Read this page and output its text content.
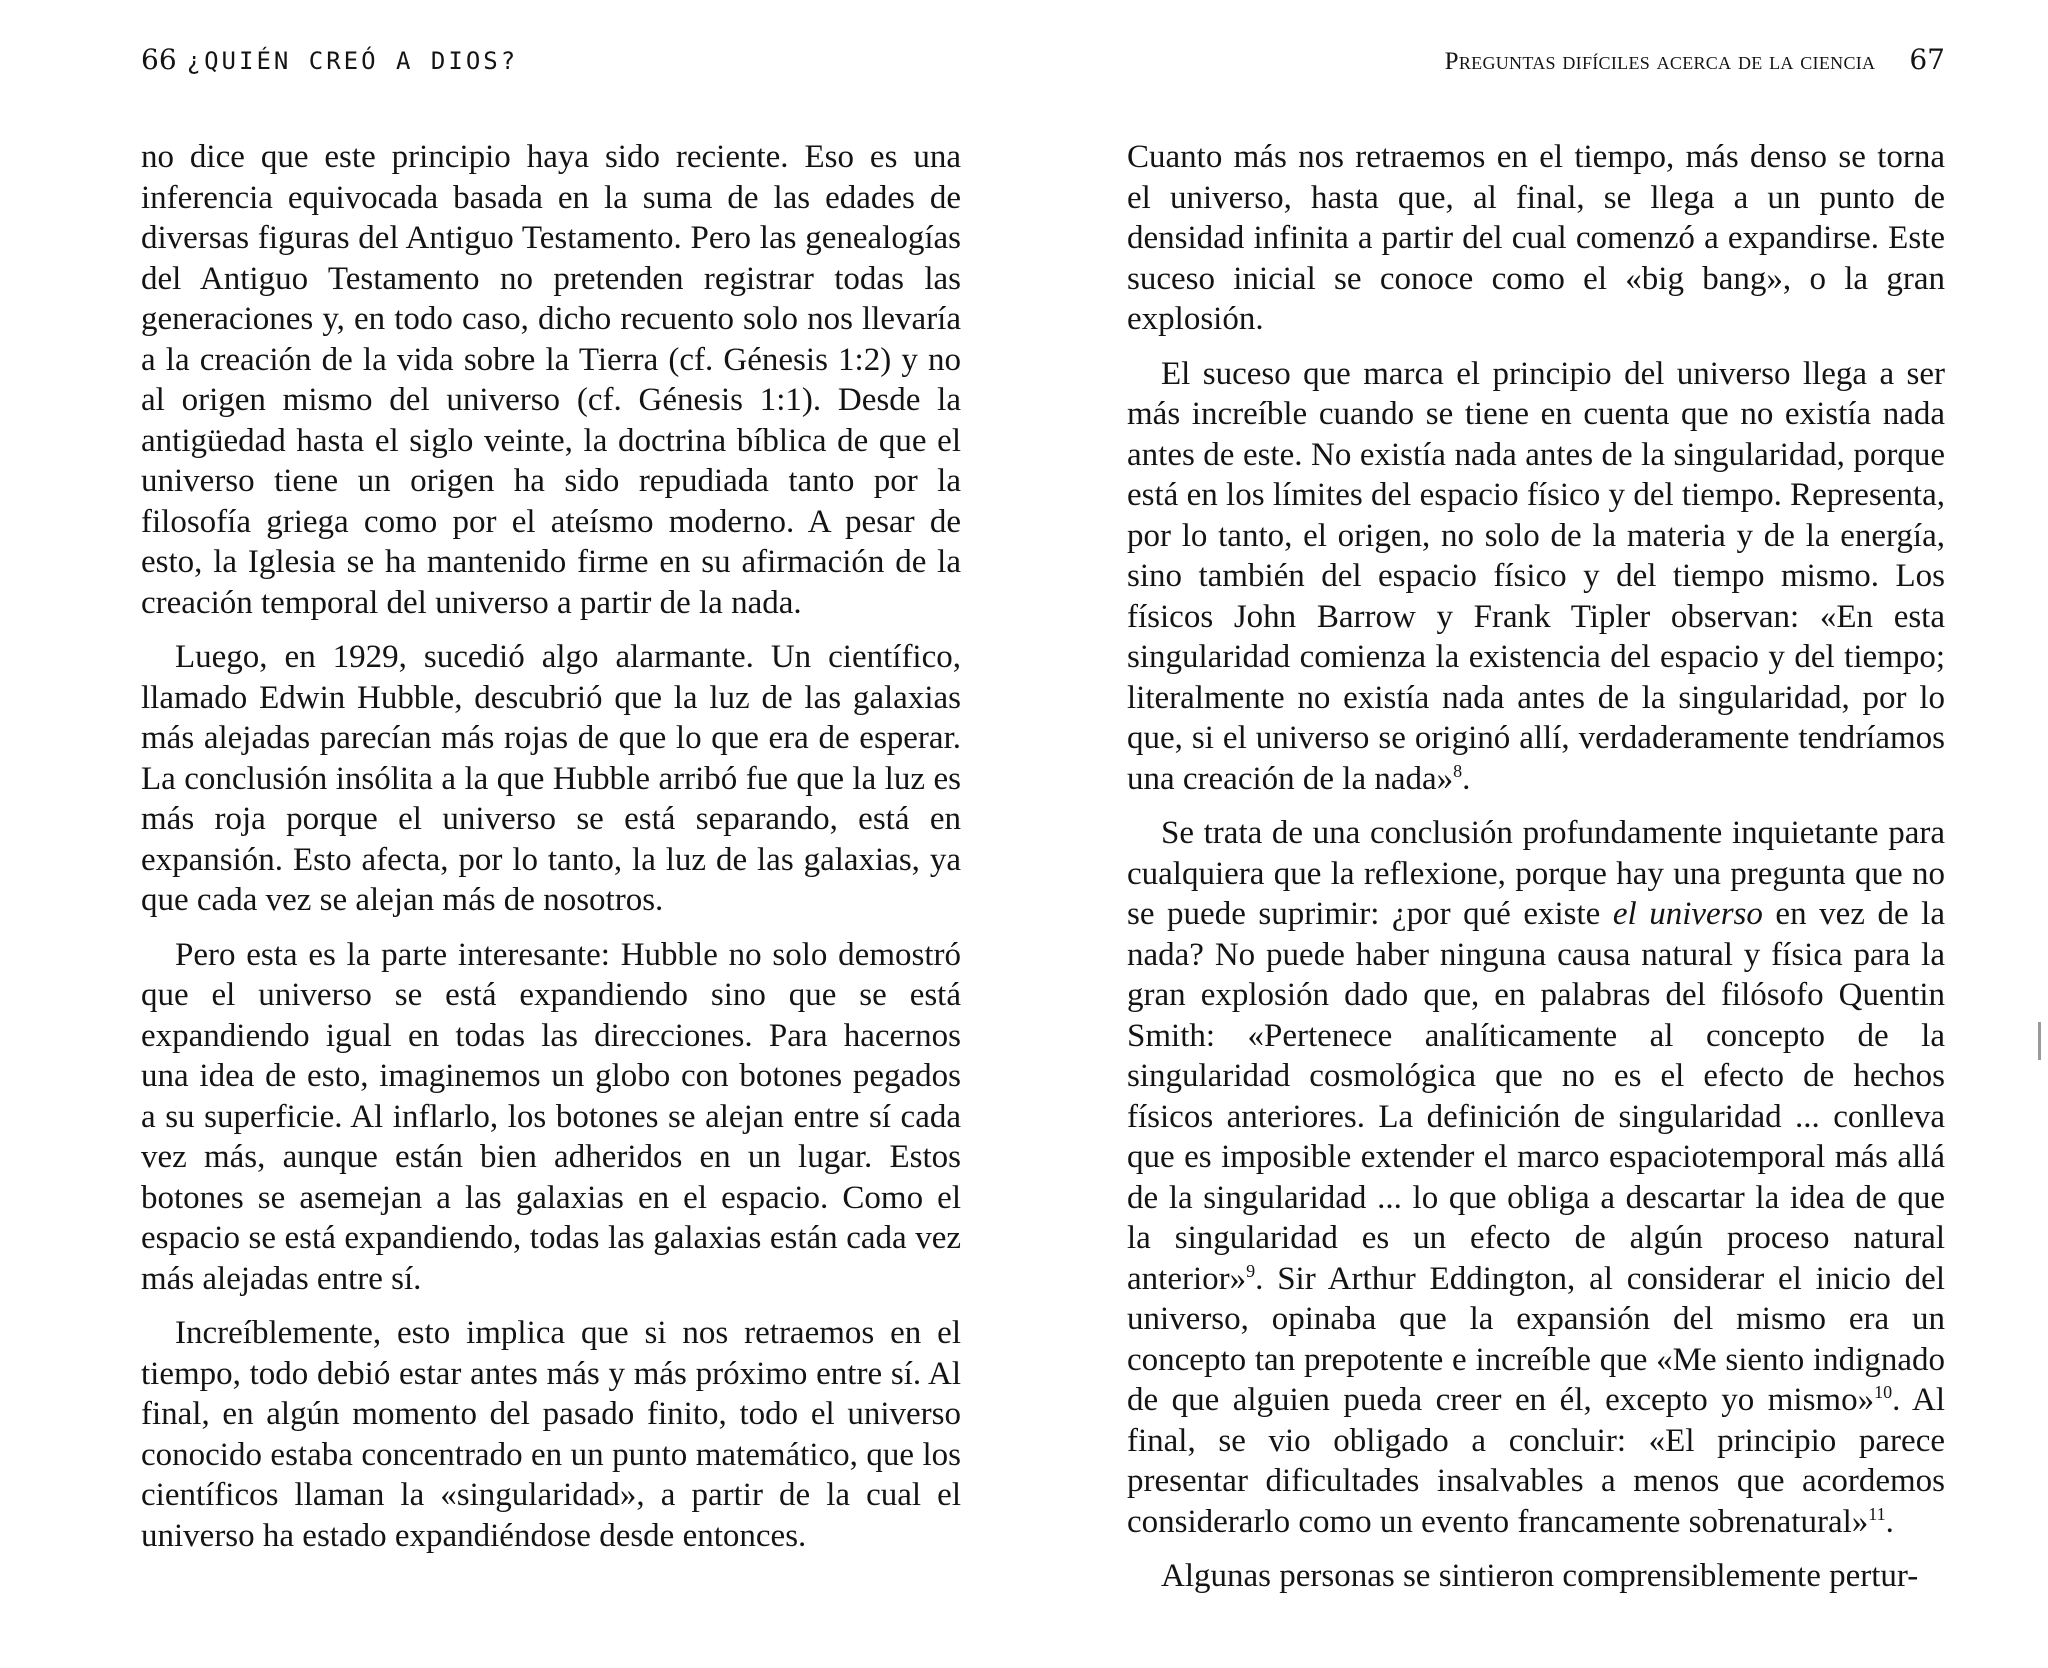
66 ¿QUIÉN CREÓ A DIOS?

no dice que este principio haya sido reciente. Eso es una inferencia equivocada basada en la suma de las edades de diversas figuras del Antiguo Testamento. Pero las genealogías del Antiguo Testamento no pretenden registrar todas las generaciones y, en todo caso, dicho recuento solo nos llevaría a la creación de la vida sobre la Tierra (cf. Génesis 1:2) y no al origen mismo del universo (cf. Génesis 1:1). Desde la antigüedad hasta el siglo veinte, la doctrina bíblica de que el universo tiene un origen ha sido repudiada tanto por la filosofía griega como por el ateísmo moderno. A pesar de esto, la Iglesia se ha mantenido firme en su afirmación de la creación temporal del universo a partir de la nada.

Luego, en 1929, sucedió algo alarmante. Un científico, llamado Edwin Hubble, descubrió que la luz de las galaxias más alejadas parecían más rojas de que lo que era de esperar. La conclusión insólita a la que Hubble arribó fue que la luz es más roja porque el universo se está separando, está en expansión. Esto afecta, por lo tanto, la luz de las galaxias, ya que cada vez se alejan más de nosotros.

Pero esta es la parte interesante: Hubble no solo demostró que el universo se está expandiendo sino que se está expandiendo igual en todas las direcciones. Para hacernos una idea de esto, imaginemos un globo con botones pegados a su superficie. Al inflarlo, los botones se alejan entre sí cada vez más, aunque están bien adheridos en un lugar. Estos botones se asemejan a las galaxias en el espacio. Como el espacio se está expandiendo, todas las galaxias están cada vez más alejadas entre sí.

Increíblemente, esto implica que si nos retraemos en el tiempo, todo debió estar antes más y más próximo entre sí. Al final, en algún momento del pasado finito, todo el universo conocido estaba concentrado en un punto matemático, que los científicos llaman la «singularidad», a partir de la cual el universo ha estado expandiéndose desde entonces.

Preguntas difíciles acerca de la ciencia 67

Cuanto más nos retraemos en el tiempo, más denso se torna el universo, hasta que, al final, se llega a un punto de densidad infinita a partir del cual comenzó a expandirse. Este suceso inicial se conoce como el «big bang», o la gran explosión.

El suceso que marca el principio del universo llega a ser más increíble cuando se tiene en cuenta que no existía nada antes de este. No existía nada antes de la singularidad, porque está en los límites del espacio físico y del tiempo. Representa, por lo tanto, el origen, no solo de la materia y de la energía, sino también del espacio físico y del tiempo mismo. Los físicos John Barrow y Frank Tipler observan: «En esta singularidad comienza la existencia del espacio y del tiempo; literalmente no existía nada antes de la singularidad, por lo que, si el universo se originó allí, verdaderamente tendríamos una creación de la nada»$^8$.

Se trata de una conclusión profundamente inquietante para cualquiera que la reflexione, porque hay una pregunta que no se puede suprimir: ¿por qué existe el universo en vez de la nada? No puede haber ninguna causa natural y física para la gran explosión dado que, en palabras del filósofo Quentin Smith: «Pertenece analíticamente al concepto de la singularidad cosmológica que no es el efecto de hechos físicos anteriores. La definición de singularidad ... conlleva que es imposible extender el marco espaciotemporal más allá de la singularidad ... lo que obliga a descartar la idea de que la singularidad es un efecto de algún proceso natural anterior»$^9$. Sir Arthur Eddington, al considerar el inicio del universo, opinaba que la expansión del mismo era un concepto tan prepotente e increíble que «Me siento indignado de que alguien pueda creer en él, excepto yo mismo»$^{10}$. Al final, se vio obligado a concluir: «El principio parece presentar dificultades insalvables a menos que acordemos considerarlo como un evento francamente sobrenatural»$^{11}$.

Algunas personas se sintieron comprensiblemente pertur-
